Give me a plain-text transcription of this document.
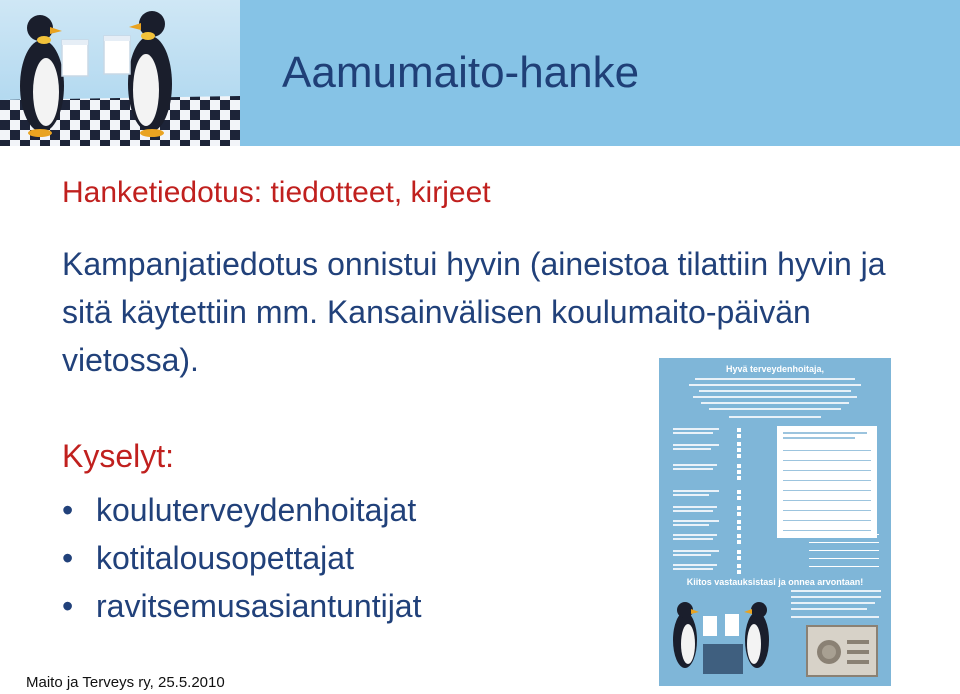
Aamumaito-hanke
Hanketiedotus: tiedotteet, kirjeet
Kampanjatiedotus onnistui hyvin (aineistoa tilattiin hyvin ja sitä käytettiin mm. Kansainvälisen koulumaito-päivän vietossa).
Kyselyt:
• kouluterveydenhoitajat
• kotitalousopettajat
• ravitsemusasiantuntijat
Hyvä terveydenhoitaja,
Kiitos vastauksistasi ja onnea arvontaan!
Maito ja Terveys ry, 25.5.2010
